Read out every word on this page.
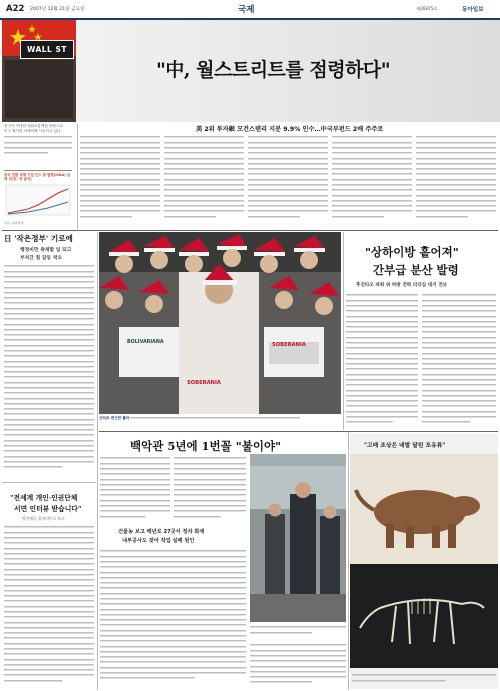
A22 2007년 12월 21일 금요일	국제	제26875호	동아일보
WALL ST
"中, 월스트리트를 점령하다"
중국이 막대한 외환보유액을 바탕으로
미국 월가를 차례차례 사들이고 있다.
중국 전환 국채 기업 인수 및 합병(M&A) 금액 (단위: 억 달러)
자료: 머저마켓
美 2위 투자銀 모건스탠리 지분 9.9% 인수…中국부펀드 2배 주주로
日 '작은정부' 기로에
행정비만 축제할 일 되고
부처간 힘 갈등 착오
"전세계 개인·인권단체
서면 인터뷰 받습니다"
앙카메다 울바리트로 보고
BOLIVARIANA	SOBERANIA
SOBERANIA
산타로 변신한 룰라
"상하이방 흩어져"
간부급 분산 발령
후진타오 파워 위 하방 전략 리더십 대거 전보
백악관 5년에 1번꼴 "불이야"
건물농 보고 백년로 27곳서 정차 화재
내부공사도 잦아 작업 실패 원인
"고래 조상은 네발 달린 포유류"
